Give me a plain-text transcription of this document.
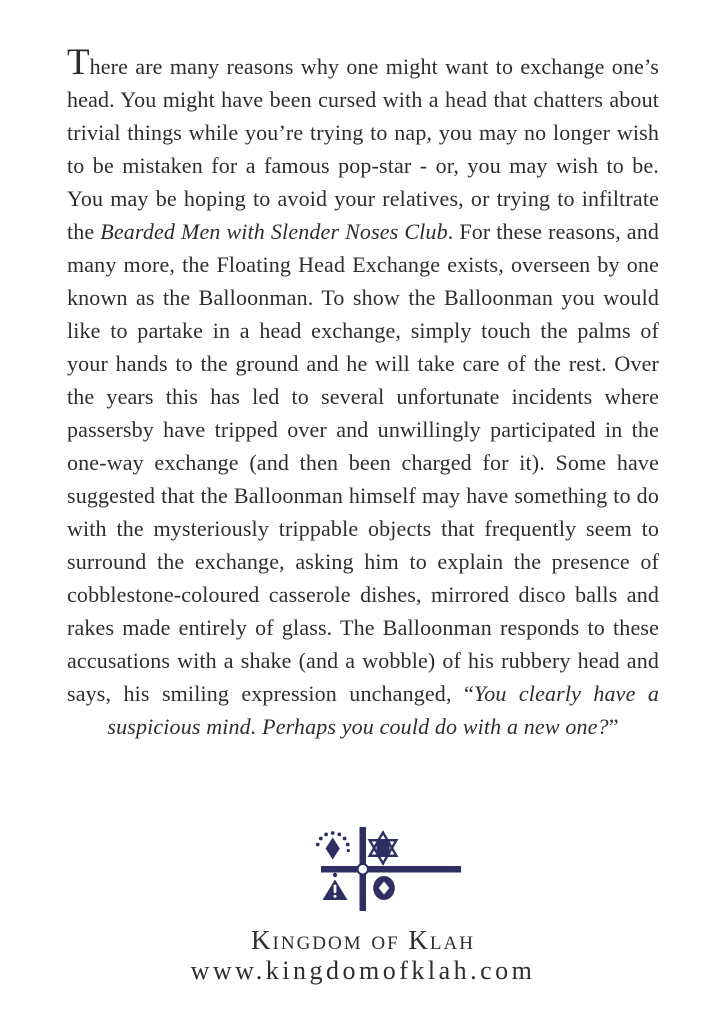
There are many reasons why one might want to exchange one’s head. You might have been cursed with a head that chatters about trivial things while you’re trying to nap, you may no longer wish to be mistaken for a famous pop-star - or, you may wish to be. You may be hoping to avoid your relatives, or trying to infiltrate the Bearded Men with Slender Noses Club. For these reasons, and many more, the Floating Head Exchange exists, overseen by one known as the Balloonman. To show the Balloonman you would like to partake in a head exchange, simply touch the palms of your hands to the ground and he will take care of the rest. Over the years this has led to several unfortunate incidents where passersby have tripped over and unwillingly participated in the one-way exchange (and then been charged for it). Some have suggested that the Balloonman himself may have something to do with the mysteriously trippable objects that frequently seem to surround the exchange, asking him to explain the presence of cobblestone-coloured casserole dishes, mirrored disco balls and rakes made entirely of glass. The Balloonman responds to these accusations with a shake (and a wobble) of his rubbery head and says, his smiling expression unchanged, “You clearly have a suspicious mind. Perhaps you could do with a new one?”

Kingdom of Klah
www.kingdomofklah.com
